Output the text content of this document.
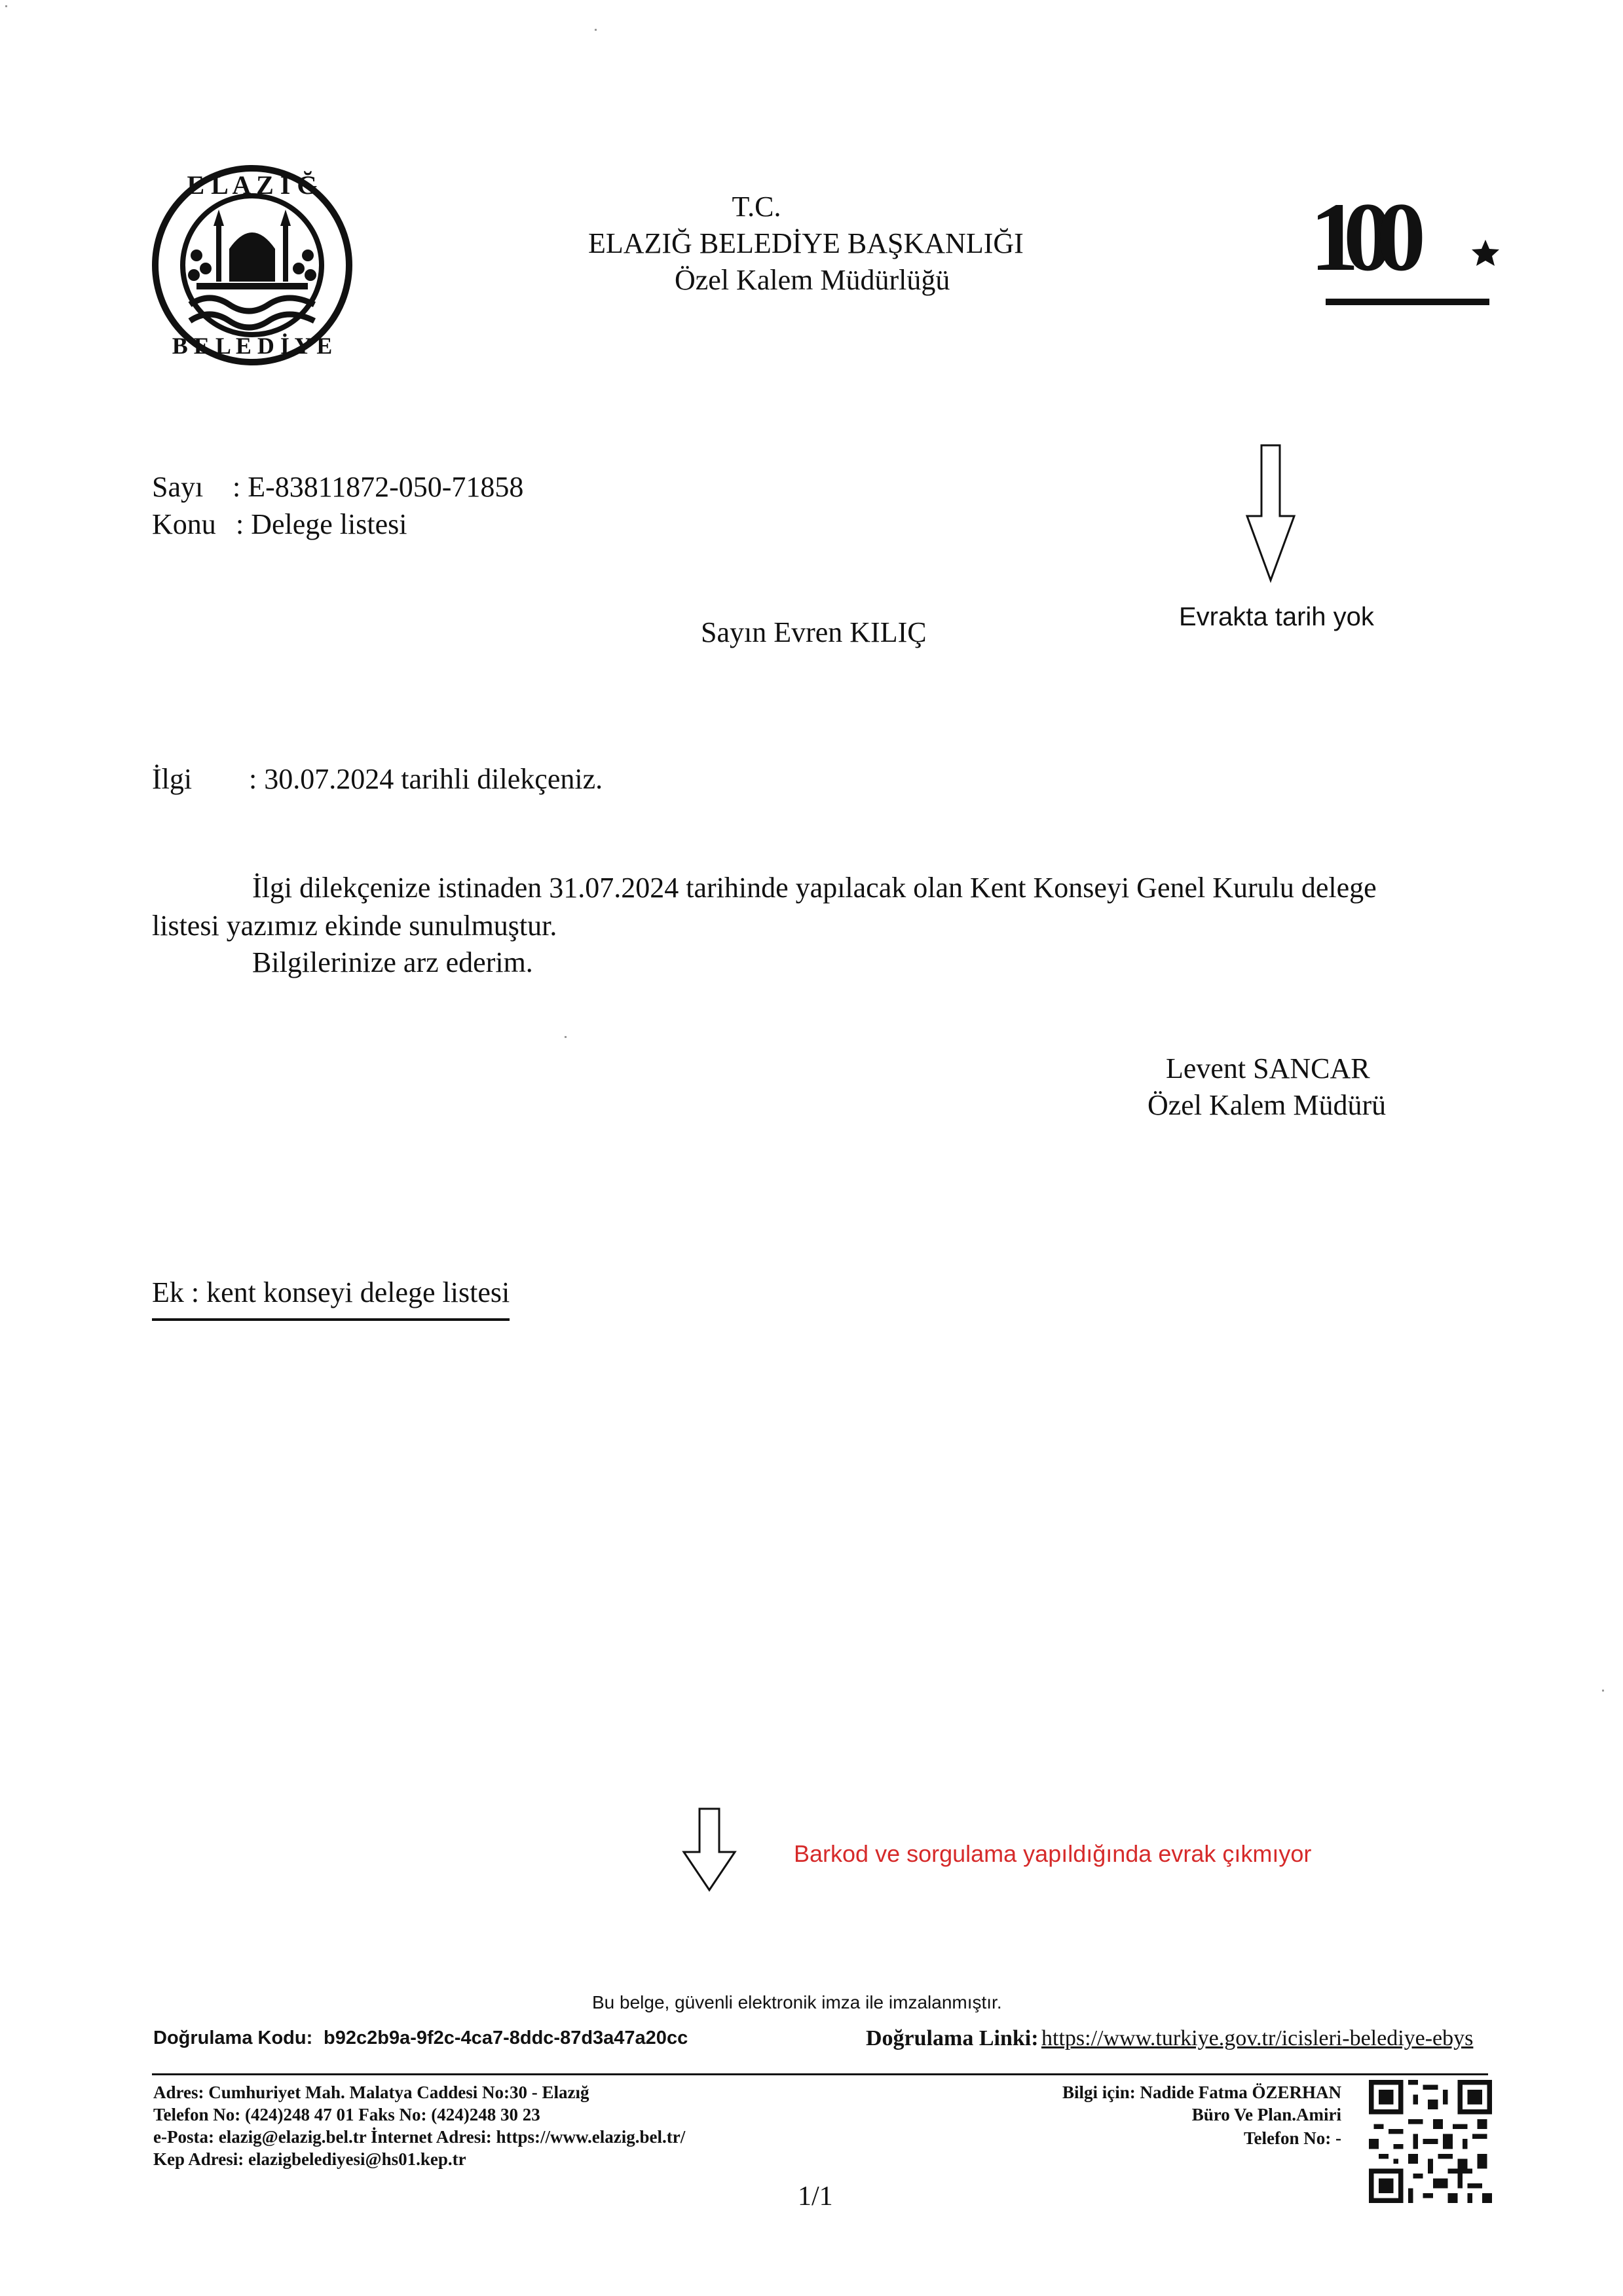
E L A Z I Ğ
B E L E D İ Y E
T.C.
ELAZIĞ BELEDİYE BAŞKANLIĞI
Özel Kalem Müdürlüğü	100
Sayı : E-83811872-050-71858
Konu : Delege listesi
Evrakta tarih yok
Sayın Evren KILIÇ
İlgi : 30.07.2024 tarihli dilekçeniz.
İlgi dilekçenize istinaden 31.07.2024 tarihinde yapılacak olan Kent Konseyi Genel Kurulu delege
listesi yazımız ekinde sunulmuştur.
Bilgilerinize arz ederim.
Levent SANCAR
Özel Kalem Müdürü
Ek : kent konseyi delege listesi
Barkod ve sorgulama yapıldığında evrak çıkmıyor
Bu belge, güvenli elektronik imza ile imzalanmıştır.
Doğrulama Kodu: b92c2b9a-9f2c-4ca7-8ddc-87d3a47a20cc	Doğrulama Linki: https://www.turkiye.gov.tr/icisleri-belediye-ebys
Adres: Cumhuriyet Mah. Malatya Caddesi No:30 - Elazığ
Telefon No: (424)248 47 01 Faks No: (424)248 30 23
e-Posta: elazig@elazig.bel.tr İnternet Adresi: https://www.elazig.bel.tr/
Kep Adresi: elazigbelediyesi@hs01.kep.tr
Bilgi için: Nadide Fatma ÖZERHAN
Büro Ve Plan.Amiri
Telefon No: -
1/1
